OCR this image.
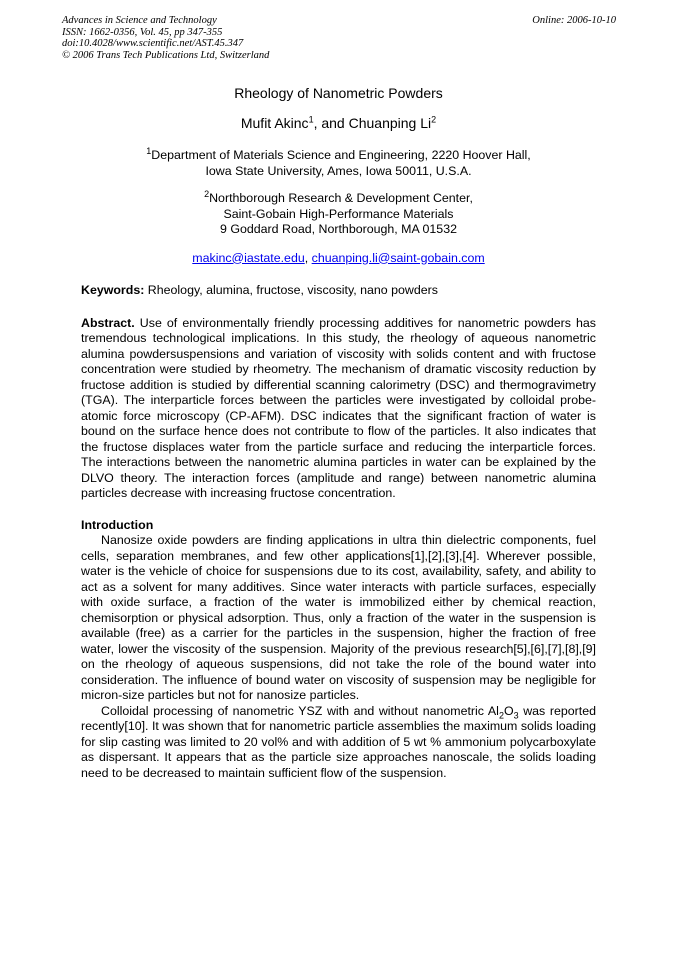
Advances in Science and Technology
ISSN: 1662-0356, Vol. 45, pp 347-355
doi:10.4028/www.scientific.net/AST.45.347
© 2006 Trans Tech Publications Ltd, Switzerland
Online: 2006-10-10
Rheology of Nanometric Powders
Mufit Akinc$^1$, and Chuanping Li$^2$
$^1$Department of Materials Science and Engineering, 2220 Hoover Hall,
Iowa State University, Ames, Iowa 50011, U.S.A.
$^2$Northborough Research & Development Center,
Saint-Gobain High-Performance Materials
9 Goddard Road, Northborough, MA 01532
makinc@iastate.edu, chuanping.li@saint-gobain.com
Keywords: Rheology, alumina, fructose, viscosity, nano powders
Abstract. Use of environmentally friendly processing additives for nanometric powders has tremendous technological implications. In this study, the rheology of aqueous nanometric alumina powdersuspensions and variation of viscosity with solids content and with fructose concentration were studied by rheometry. The mechanism of dramatic viscosity reduction by fructose addition is studied by differential scanning calorimetry (DSC) and thermogravimetry (TGA). The interparticle forces between the particles were investigated by colloidal probe-atomic force microscopy (CP-AFM). DSC indicates that the significant fraction of water is bound on the surface hence does not contribute to flow of the particles. It also indicates that the fructose displaces water from the particle surface and reducing the interparticle forces. The interactions between the nanometric alumina particles in water can be explained by the DLVO theory. The interaction forces (amplitude and range) between nanometric alumina particles decrease with increasing fructose concentration.
Introduction

Nanosize oxide powders are finding applications in ultra thin dielectric components, fuel cells, separation membranes, and few other applications[1],[2],[3],[4]. Wherever possible, water is the vehicle of choice for suspensions due to its cost, availability, safety, and ability to act as a solvent for many additives. Since water interacts with particle surfaces, especially with oxide surface, a fraction of the water is immobilized either by chemical reaction, chemisorption or physical adsorption. Thus, only a fraction of the water in the suspension is available (free) as a carrier for the particles in the suspension, higher the fraction of free water, lower the viscosity of the suspension. Majority of the previous research[5],[6],[7],[8],[9] on the rheology of aqueous suspensions, did not take the role of the bound water into consideration. The influence of bound water on viscosity of suspension may be negligible for micron-size particles but not for nanosize particles.

Colloidal processing of nanometric YSZ with and without nanometric $Al_2O_3$ was reported recently[10]. It was shown that for nanometric particle assemblies the maximum solids loading for slip casting was limited to 20 vol% and with addition of 5 wt % ammonium polycarboxylate as dispersant. It appears that as the particle size approaches nanoscale, the solids loading need to be decreased to maintain sufficient flow of the suspension.
